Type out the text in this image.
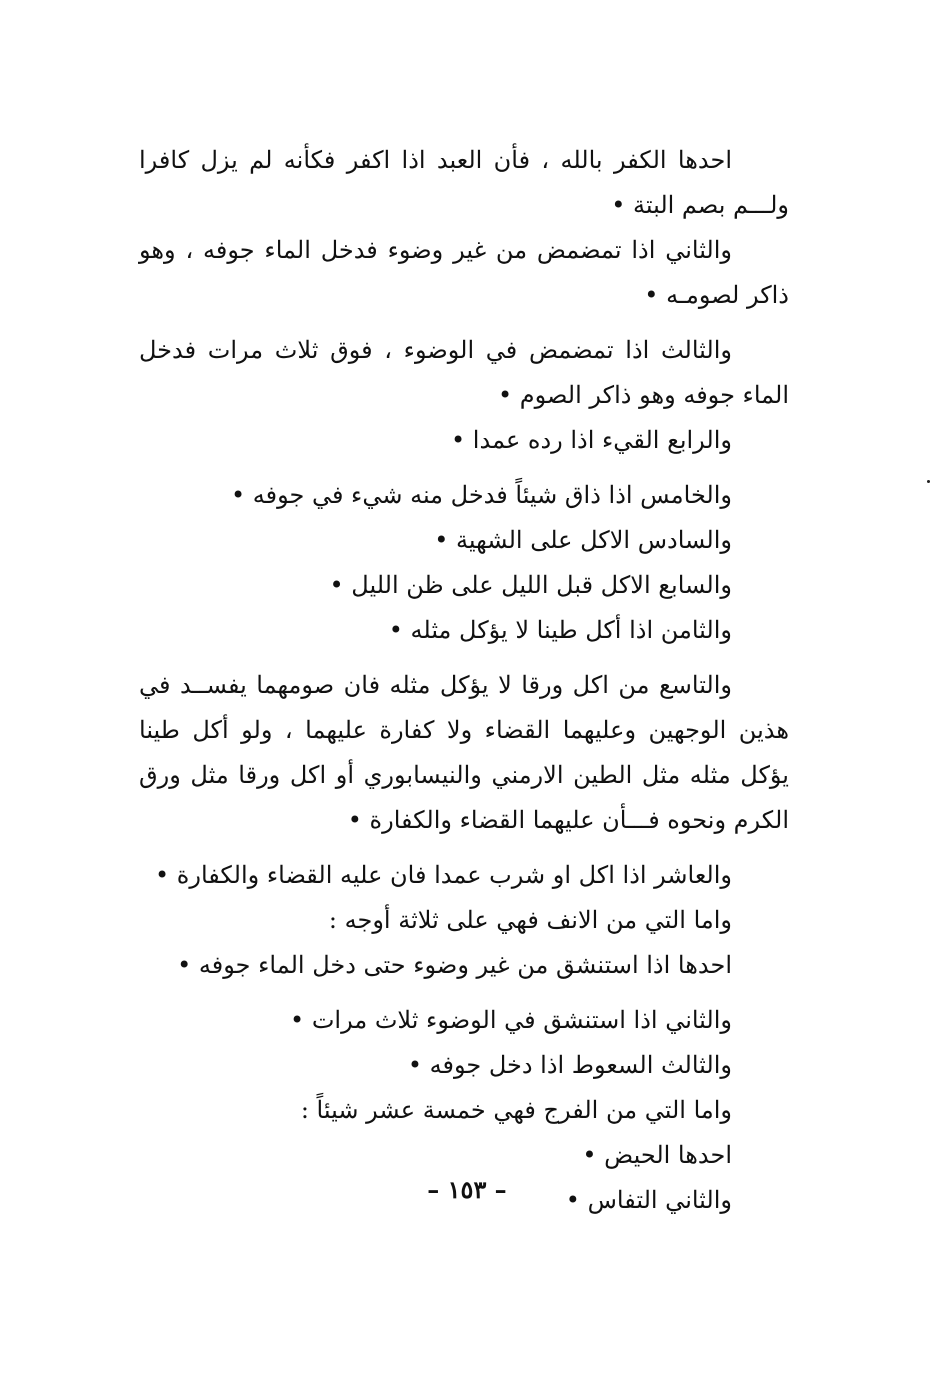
احدها الكفر بالله ، فأن العبد اذا اكفر فكأنه لم يزل كافرا ولـــم بصم البتة •

والثاني اذا تمضمض من غير وضوء فدخل الماء جوفه ، وهو ذاكر لصومـه •

والثالث اذا تمضمض في الوضوء ، فوق ثلاث مرات فدخل الماء جوفه وهو ذاكر الصوم •

والرابع القيء اذا رده عمدا •

والخامس اذا ذاق شيئاً فدخل منه شيء في جوفه •

والسادس الاكل على الشهية •

والسابع الاكل قبل الليل على ظن الليل •

والثامن اذا أكل طينا لا يؤكل مثله •

والتاسع من اكل ورقا لا يؤكل مثله فان صومهما يفســد في هذين الوجهين وعليهما القضاء ولا كفارة عليهما ، ولو أكل طينا يؤكل مثله مثل الطين الارمني والنيسابوري أو اكل ورقا مثل ورق الكرم ونحوه فـــأن عليهما القضاء والكفارة •

والعاشر اذا اكل او شرب عمدا فان عليه القضاء والكفارة •

واما التي من الانف فهي على ثلاثة أوجه :

احدها اذا استنشق من غير وضوء حتى دخل الماء جوفه •

والثاني اذا استنشق في الوضوء ثلاث مرات •

والثالث السعوط اذا دخل جوفه •

واما التي من الفرج فهي خمسة عشر شيئاً :

احدها الحيض •

والثاني التفاس •

– ١٥٣ –
